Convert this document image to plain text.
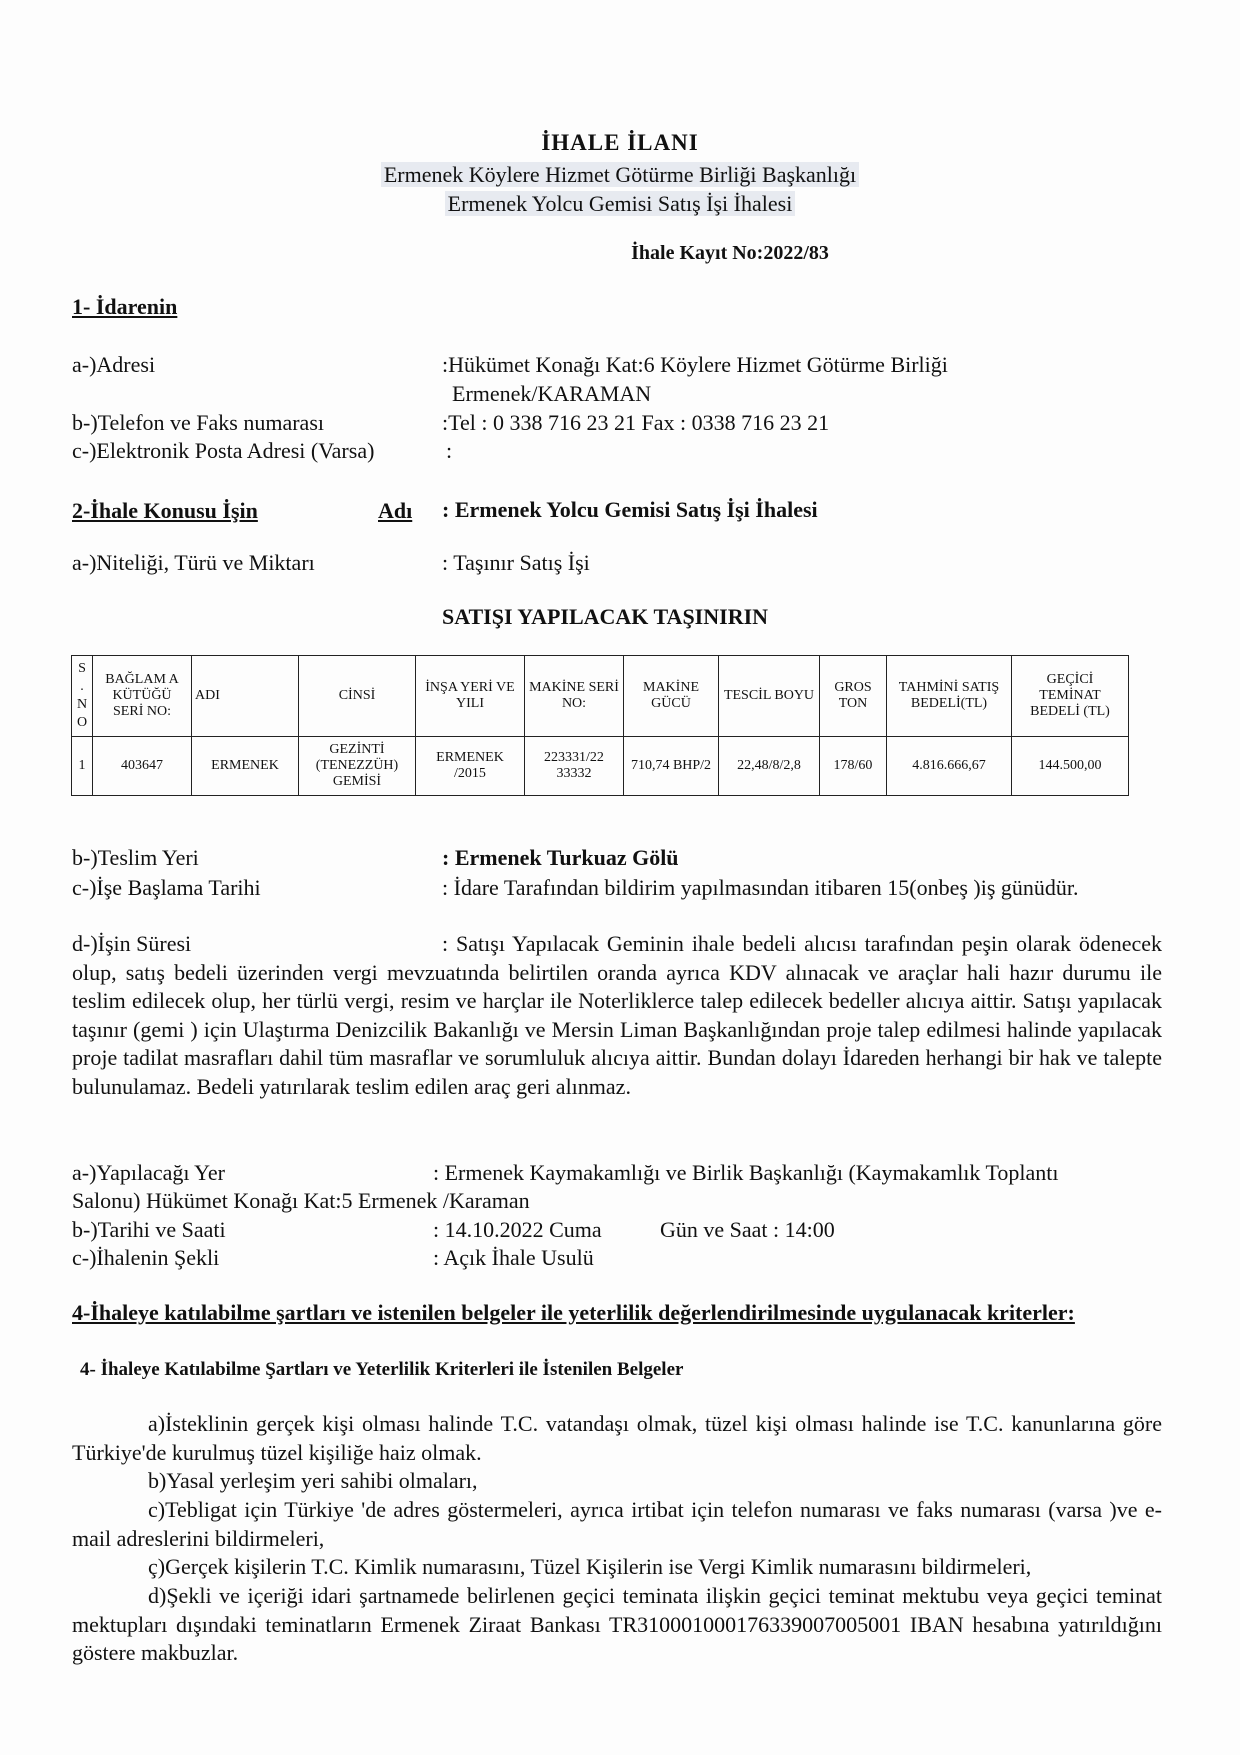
İHALE İLANI
Ermenek Köylere Hizmet Götürme Birliği Başkanlığı
Ermenek Yolcu Gemisi Satış İşi İhalesi
İhale Kayıt No:2022/83
1- İdarenin
a-)Adresi	:Hükümet Konağı Kat:6 Köylere Hizmet Götürme Birliği
Ermenek/KARAMAN
b-)Telefon ve Faks numarası	:Tel : 0 338 716 23 21 Fax : 0338 716 23 21
c-)Elektronik Posta Adresi (Varsa)	:
2-İhale Konusu İşin	Adı : Ermenek Yolcu Gemisi Satış İşi İhalesi
a-)Niteliği, Türü ve Miktarı	: Taşınır Satış İşi
SATIŞI YAPILACAK TAŞINIRIN
S
.
N
O	BAĞLAM A KÜTÜĞÜ SERİ NO:	ADI	CİNSİ	İNŞA YERİ VE YILI	MAKİNE SERİ NO:	MAKİNE GÜCÜ	TESCİL BOYU	GROS TON	TAHMİNİ SATIŞ BEDELİ(TL)	GEÇİCİ TEMİNAT BEDELİ (TL)
1	403647	ERMENEK	GEZİNTİ (TENEZZÜH) GEMİSİ	ERMENEK /2015	223331/22 33332	710,74 BHP/2	22,48/8/2,8	178/60	4.816.666,67	144.500,00
b-)Teslim Yeri	: Ermenek Turkuaz Gölü
c-)İşe Başlama Tarihi	: İdare Tarafından bildirim yapılmasından itibaren 15(onbeş )iş günüdür.
d-)İşin Süresi	: Satışı Yapılacak Geminin ihale bedeli alıcısı tarafından peşin olarak ödenecek olup, satış bedeli üzerinden vergi mevzuatında belirtilen oranda ayrıca KDV alınacak ve araçlar hali hazır durumu ile teslim edilecek olup, her türlü vergi, resim ve harçlar ile Noterliklerce talep edilecek bedeller alıcıya aittir. Satışı yapılacak taşınır (gemi ) için Ulaştırma Denizcilik Bakanlığı ve Mersin Liman Başkanlığından proje talep edilmesi halinde yapılacak proje tadilat masrafları dahil tüm masraflar ve sorumluluk alıcıya aittir. Bundan dolayı İdareden herhangi bir hak ve talepte bulunulamaz. Bedeli yatırılarak teslim edilen araç geri alınmaz.
a-)Yapılacağı Yer	: Ermenek Kaymakamlığı ve Birlik Başkanlığı (Kaymakamlık Toplantı
Salonu) Hükümet Konağı Kat:5 Ermenek /Karaman
b-)Tarihi ve Saati	: 14.10.2022 Cuma	Gün ve Saat : 14:00
c-)İhalenin Şekli	: Açık İhale Usulü
4-İhaleye katılabilme şartları ve istenilen belgeler ile yeterlilik değerlendirilmesinde uygulanacak kriterler:
4- İhaleye Katılabilme Şartları ve Yeterlilik Kriterleri ile İstenilen Belgeler
a)İsteklinin gerçek kişi olması halinde T.C. vatandaşı olmak, tüzel kişi olması halinde ise T.C. kanunlarına göre Türkiye'de kurulmuş tüzel kişiliğe haiz olmak.
b)Yasal yerleşim yeri sahibi olmaları,
c)Tebligat için Türkiye 'de adres göstermeleri, ayrıca irtibat için telefon numarası ve faks numarası (varsa )ve e-mail adreslerini bildirmeleri,
ç)Gerçek kişilerin T.C. Kimlik numarasını, Tüzel Kişilerin ise Vergi Kimlik numarasını bildirmeleri,
d)Şekli ve içeriği idari şartnamede belirlenen geçici teminata ilişkin geçici teminat mektubu veya geçici teminat mektupları dışındaki teminatların Ermenek Ziraat Bankası TR310001000176339007005001 IBAN hesabına yatırıldığını göstere makbuzlar.
